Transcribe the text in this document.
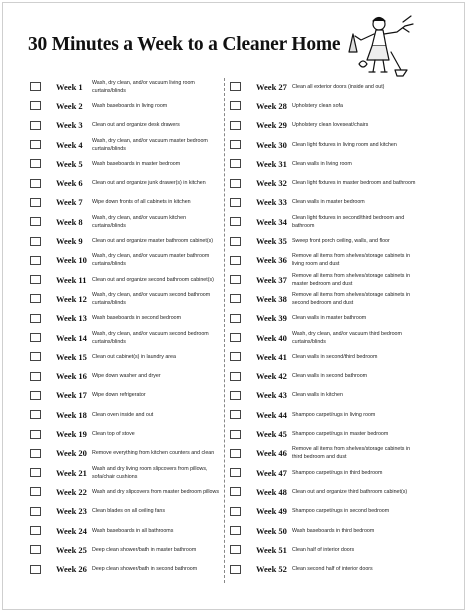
30 Minutes a Week to a Cleaner Home
Week 1	Wash, dry clean, and/or vacuum living room curtains/blinds
Week 2	Wash baseboards in living room
Week 3	Clean out and organize desk drawers
Week 4	Wash, dry clean, and/or vacuum master bedroom curtains/blinds
Week 5	Wash baseboards in master bedroom
Week 6	Clean out and organize junk drawer(s) in kitchen
Week 7	Wipe down fronts of all cabinets in kitchen
Week 8	Wash, dry clean, and/or vacuum kitchen curtains/blinds
Week 9	Clean out and organize master bathroom cabinet(s)
Week 10 Wash, dry clean, and/or vacuum master bathroom curtains/blinds
Week 11	Clean out and organize second bathroom cabinet(s)
Week 12 Wash, dry clean, and/or vacuum second bathroom curtains/blinds
Week 13 Wash baseboards in second bedroom
Week 14 Wash, dry clean, and/or vacuum second bedroom curtains/blinds
Week 15 Clean out cabinet(s) in laundry area
Week 16 Wipe down washer and dryer
Week 17 Wipe down refrigerator
Week 18 Clean oven inside and out
Week 19 Clean top of stove
Week 20 Remove everything from kitchen counters and clean
Week 21 Wash and dry living room slipcovers from pillows, sofa/chair cushions
Week 22 Wash and dry slipcovers from master bedroom pillows
Week 23 Clean blades on all ceiling fans
Week 24 Wash baseboards in all bathrooms
Week 25 Deep clean shower/bath in master bathroom
Week 26 Deep clean shower/bath in second bathroom
Week 27 Clean all exterior doors (inside and out)
Week 28 Upholstery clean sofa
Week 29 Upholstery clean loveseat/chairs
Week 30 Clean light fixtures in living room and kitchen
Week 31 Clean walls in living room
Week 32 Clean light fixtures in master bedroom and bathroom
Week 33 Clean walls in master bedroom
Week 34 Clean light fixtures in second/third bedroom and bathroom
Week 35 Sweep front porch ceiling, walls, and floor
Week 36 Remove all items from shelves/storage cabinets in living room and dust
Week 37 Remove all items from shelves/storage cabinets in master bedroom and dust
Week 38 Remove all items from shelves/storage cabinets in second bedroom and dust
Week 39 Clean walls in master bathroom
Week 40 Wash, dry clean, and/or vacuum third bedroom curtains/blinds
Week 41 Clean walls in second/third bedroom
Week 42 Clean walls in second bathroom
Week 43 Clean walls in kitchen
Week 44 Shampoo carpet/rugs in living room
Week 45 Shampoo carpet/rugs in master bedroom
Week 46 Remove all items from shelves/storage cabinets in third bedroom and dust
Week 47 Shampoo carpet/rugs in third bedroom
Week 48 Clean out and organize third bathroom cabinet(s)
Week 49 Shampoo carpet/rugs in second bedroom
Week 50 Wash baseboards in third bedroom
Week 51 Clean half of interior doors
Week 52 Clean second half of interior doors
